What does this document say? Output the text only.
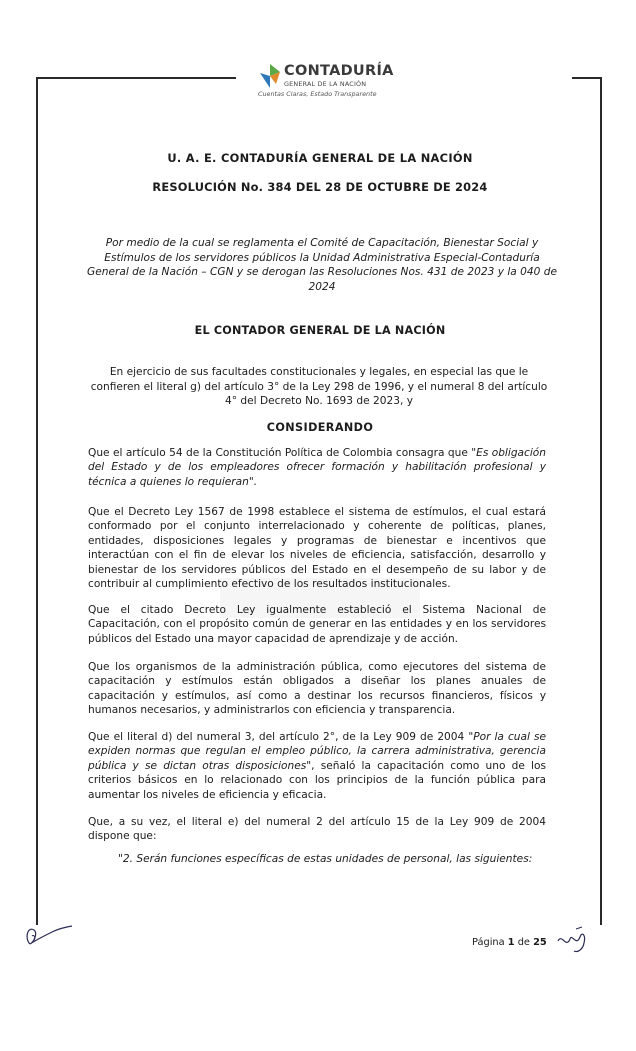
CONTADURÍA
GENERAL DE LA NACIÓN
Cuentas Claras, Estado Transparente
U. A. E. CONTADURÍA GENERAL DE LA NACIÓN
RESOLUCIÓN No. 384 DEL 28 DE OCTUBRE DE 2024
Por medio de la cual se reglamenta el Comité de Capacitación, Bienestar Social y Estímulos de los servidores públicos la Unidad Administrativa Especial-Contaduría General de la Nación – CGN y se derogan las Resoluciones Nos. 431 de 2023 y la 040 de 2024
EL CONTADOR GENERAL DE LA NACIÓN
En ejercicio de sus facultades constitucionales y legales, en especial las que le confieren el literal g) del artículo 3° de la Ley 298 de 1996, y el numeral 8 del artículo 4° del Decreto No. 1693 de 2023, y
CONSIDERANDO
Que el artículo 54 de la Constitución Política de Colombia consagra que "Es obligación del Estado y de los empleadores ofrecer formación y habilitación profesional y técnica a quienes lo requieran".
Que el Decreto Ley 1567 de 1998 establece el sistema de estímulos, el cual estará conformado por el conjunto interrelacionado y coherente de políticas, planes, entidades, disposiciones legales y programas de bienestar e incentivos que interactúan con el fin de elevar los niveles de eficiencia, satisfacción, desarrollo y bienestar de los servidores públicos del Estado en el desempeño de su labor y de contribuir al cumplimiento efectivo de los resultados institucionales.
Que el citado Decreto Ley igualmente estableció el Sistema Nacional de Capacitación, con el propósito común de generar en las entidades y en los servidores públicos del Estado una mayor capacidad de aprendizaje y de acción.
Que los organismos de la administración pública, como ejecutores del sistema de capacitación y estímulos están obligados a diseñar los planes anuales de capacitación y estímulos, así como a destinar los recursos financieros, físicos y humanos necesarios, y administrarlos con eficiencia y transparencia.
Que el literal d) del numeral 3, del artículo 2°, de la Ley 909 de 2004 "Por la cual se expiden normas que regulan el empleo público, la carrera administrativa, gerencia pública y se dictan otras disposiciones", señaló la capacitación como uno de los criterios básicos en lo relacionado con los principios de la función pública para aumentar los niveles de eficiencia y eficacia.
Que, a su vez, el literal e) del numeral 2 del artículo 15 de la Ley 909 de 2004 dispone que:
"2. Serán funciones específicas de estas unidades de personal, las siguientes:
Página 1 de 25
